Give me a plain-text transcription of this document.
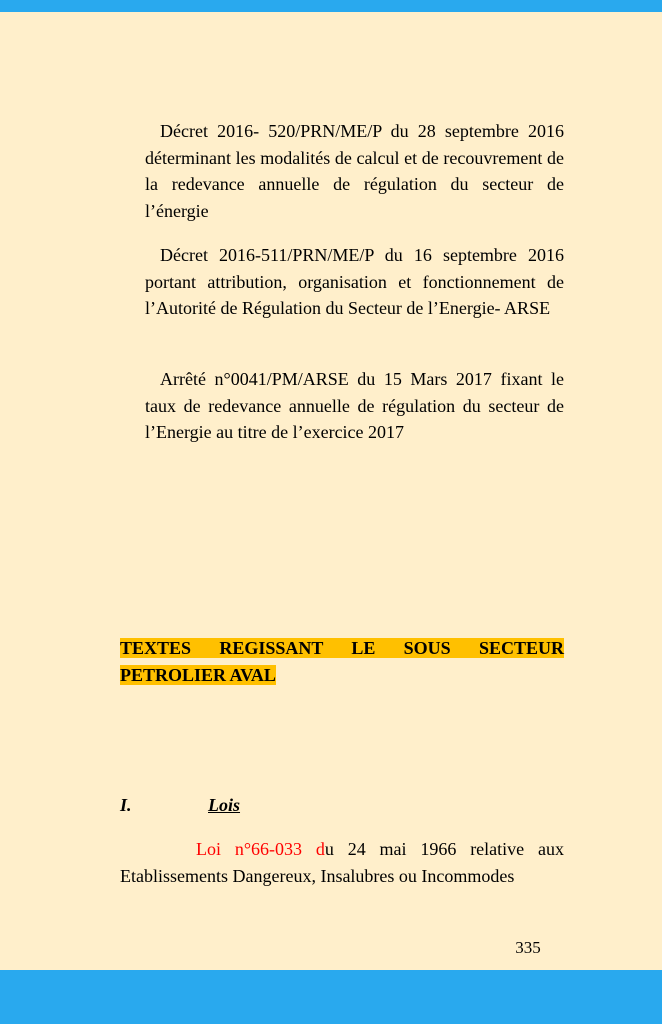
Décret 2016- 520/PRN/ME/P du 28 septembre 2016 déterminant les modalités de calcul et de recouvrement de la redevance annuelle de régulation du secteur de l’énergie

Décret 2016-511/PRN/ME/P du 16 septembre 2016 portant attribution, organisation et fonctionnement de l’Autorité de Régulation du Secteur de l’Energie- ARSE

Arrêté n°0041/PM/ARSE du 15 Mars 2017 fixant le taux de redevance annuelle de régulation du secteur de l’Energie au titre de l’exercice 2017

TEXTES REGISSANT LE SOUS SECTEUR PETROLIER AVAL

I.	Lois

Loi n°66-033 du 24 mai 1966 relative aux Etablissements Dangereux, Insalubres ou Incommodes

335
